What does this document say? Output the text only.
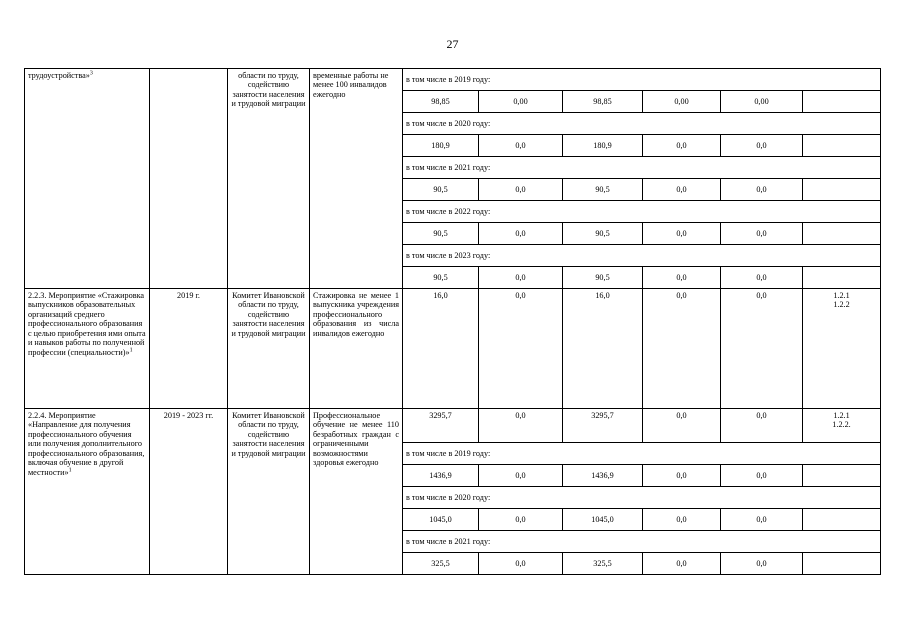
27
трудоустройства»$^3$		области по труду, содействию занятости населения и трудовой миграции	временные работы не менее 100 инвалидов ежегодно	в том числе в 2019 году:					
				98,85	0,00	98,85	0,00	0,00	
				в том числе в 2020 году:					
				180,9	0,0	180,9	0,0	0,0	
				в том числе в 2021 году:					
				90,5	0,0	90,5	0,0	0,0	
				в том числе в 2022 году:					
				90,5	0,0	90,5	0,0	0,0	
				в том числе в 2023 году:					
				90,5	0,0	90,5	0,0	0,0	
2.2.3. Мероприятие «Стажировка выпускников образовательных организаций среднего профессионального образования с целью приобретения ими опыта и навыков работы по полученной профессии (специальности)»$^1$	2019 г.	Комитет Ивановской области по труду, содействию занятости населения и трудовой миграции	Стажировка не менее 1 выпускника учреждения профессионального образования из числа инвалидов ежегодно	16,0	0,0	16,0	0,0	0,0	1.2.1
1.2.2
2.2.4. Мероприятие «Направление для получения профессионального обучения или получения дополнительного профессионального образования, включая обучение в другой местности»$^1$	2019 - 2023 гг.	Комитет Ивановской области по труду, содействию занятости населения и трудовой миграции	Профессиональное обучение не менее 110 безработных граждан с ограниченными возможностями здоровья ежегодно	3295,7	0,0	3295,7	0,0	0,0	1.2.1
1.2.2.
				в том числе в 2019 году:					
				1436,9	0,0	1436,9	0,0	0,0	
				в том числе в 2020 году:					
				1045,0	0,0	1045,0	0,0	0,0	
				в том числе в 2021 году:					
				325,5	0,0	325,5	0,0	0,0	
